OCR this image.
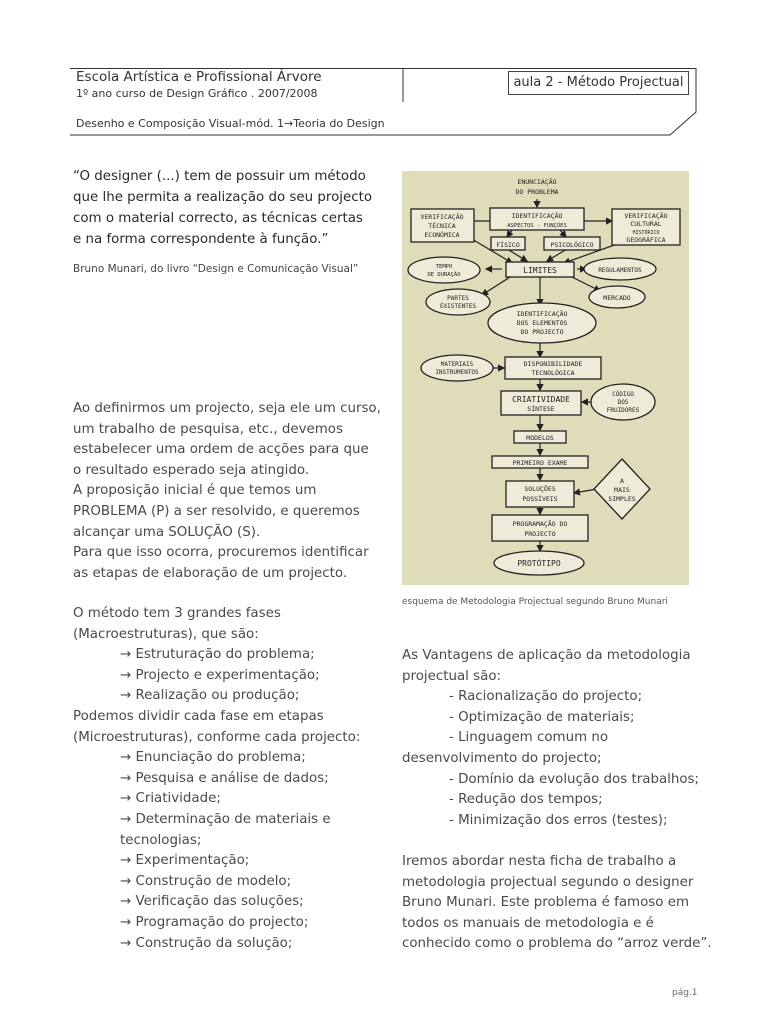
Escola Artística e Profissional Árvore
1º ano curso de Design Gráfico . 2007/2008
Desenho e Composição Visual-mód. 1→Teoria do Design
aula 2 - Método Projectual
“O designer (...) tem de possuir um método que lhe permita a realização do seu projecto com o material correcto, as técnicas certas e na forma correspondente à função.”
Bruno Munari, do livro “Design e Comunicação Visual”

Ao definirmos um projecto, seja ele um curso,

um trabalho de pesquisa, etc., devemos

estabelecer uma ordem de acções para que

o resultado esperado seja atingido.

A proposição inicial é que temos um

PROBLEMA (P) a ser resolvido, e queremos

alcançar uma SOLUÇÃO (S).

Para que isso ocorra, procuremos identificar

as etapas de elaboração de um projecto.

O método tem 3 grandes fases

(Macroestruturas), que são:

→ Estruturação do problema;

→ Projecto e experimentação;

→ Realização ou produção;

Podemos dividir cada fase em etapas

(Microestruturas), conforme cada projecto:

→ Enunciação do problema;

→ Pesquisa e análise de dados;

→ Criatividade;

→ Determinação de materiais e

tecnologias;

→ Experimentação;

→ Construção de modelo;

→ Verificação das soluções;

→ Programação do projecto;

→ Construção da solução;

ENUNCIAÇÃO
DO PROBLEMA
IDENTIFICAÇÃO
ASPECTOS - FUNÇÕES
VERIFICAÇÃO
TÉCNICA
ECONÓMICA
VERIFICAÇÃO
CULTURAL
HISTÓRICO
GEOGRÁFICA
FÍSICO	PSICOLÓGICO
LIMITES
TEMPO
DE DURAÇÃO
REGULAMENTOS
PARTES
EXISTENTES
MERCADO
IDENTIFICAÇÃO
DOS ELEMENTOS
DO PROJECTO
MATERIAIS
INSTRUMENTOS
DISPONIBILIDADE
TECNOLÓGICA
CRIATIVIDADE
SÍNTESE
CÓDIGO
DOS
FRUIDORES
MODELOS
PRIMEIRO EXAME
SOLUÇÕES
POSSÍVEIS
A
MAIS
SIMPLES
PROGRAMAÇÃO DO
PROJECTO
PROTÓTIPO
esquema de Metodologia Projectual segundo Bruno Munari

As Vantagens de aplicação da metodologia

projectual são:

- Racionalização do projecto;

- Optimização de materiais;

- Linguagem comum no

desenvolvimento do projecto;

- Domínio da evolução dos trabalhos;

- Redução dos tempos;

- Minimização dos erros (testes);

Iremos abordar nesta ficha de trabalho a

metodologia projectual segundo o designer

Bruno Munari. Este problema é famoso em

todos os manuais de metodologia e é

conhecido como o problema do “arroz verde”.

pág.1
